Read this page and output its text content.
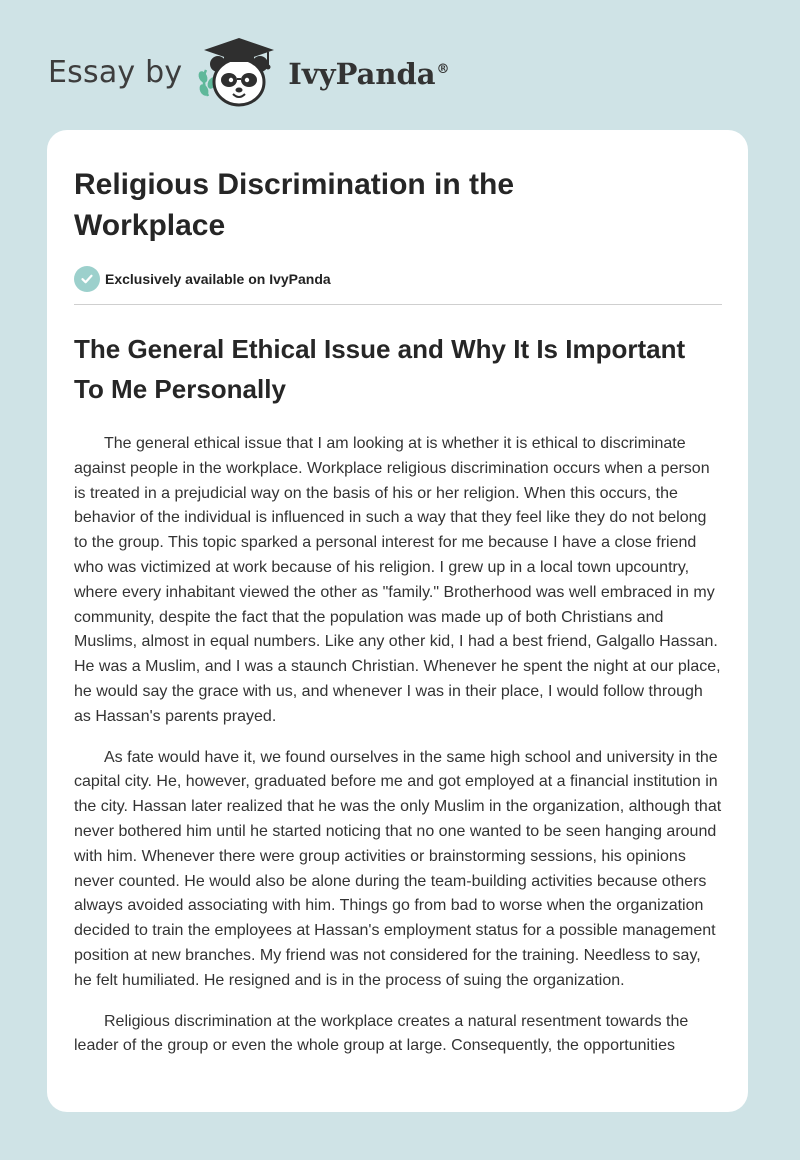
Essay by	IvyPanda®
Religious Discrimination in the Workplace
Exclusively available on IvyPanda
The General Ethical Issue and Why It Is Important To Me Personally

The general ethical issue that I am looking at is whether it is ethical to discriminate against people in the workplace. Workplace religious discrimination occurs when a person is treated in a prejudicial way on the basis of his or her religion. When this occurs, the behavior of the individual is influenced in such a way that they feel like they do not belong to the group. This topic sparked a personal interest for me because I have a close friend who was victimized at work because of his religion. I grew up in a local town upcountry, where every inhabitant viewed the other as "family." Brotherhood was well embraced in my community, despite the fact that the population was made up of both Christians and Muslims, almost in equal numbers. Like any other kid, I had a best friend, Galgallo Hassan. He was a Muslim, and I was a staunch Christian. Whenever he spent the night at our place, he would say the grace with us, and whenever I was in their place, I would follow through as Hassan's parents prayed.

As fate would have it, we found ourselves in the same high school and university in the capital city. He, however, graduated before me and got employed at a financial institution in the city. Hassan later realized that he was the only Muslim in the organization, although that never bothered him until he started noticing that no one wanted to be seen hanging around with him. Whenever there were group activities or brainstorming sessions, his opinions never counted. He would also be alone during the team-building activities because others always avoided associating with him. Things go from bad to worse when the organization decided to train the employees at Hassan's employment status for a possible management position at new branches. My friend was not considered for the training. Needless to say, he felt humiliated. He resigned and is in the process of suing the organization.

Religious discrimination at the workplace creates a natural resentment towards the leader of the group or even the whole group at large. Consequently, the opportunities
